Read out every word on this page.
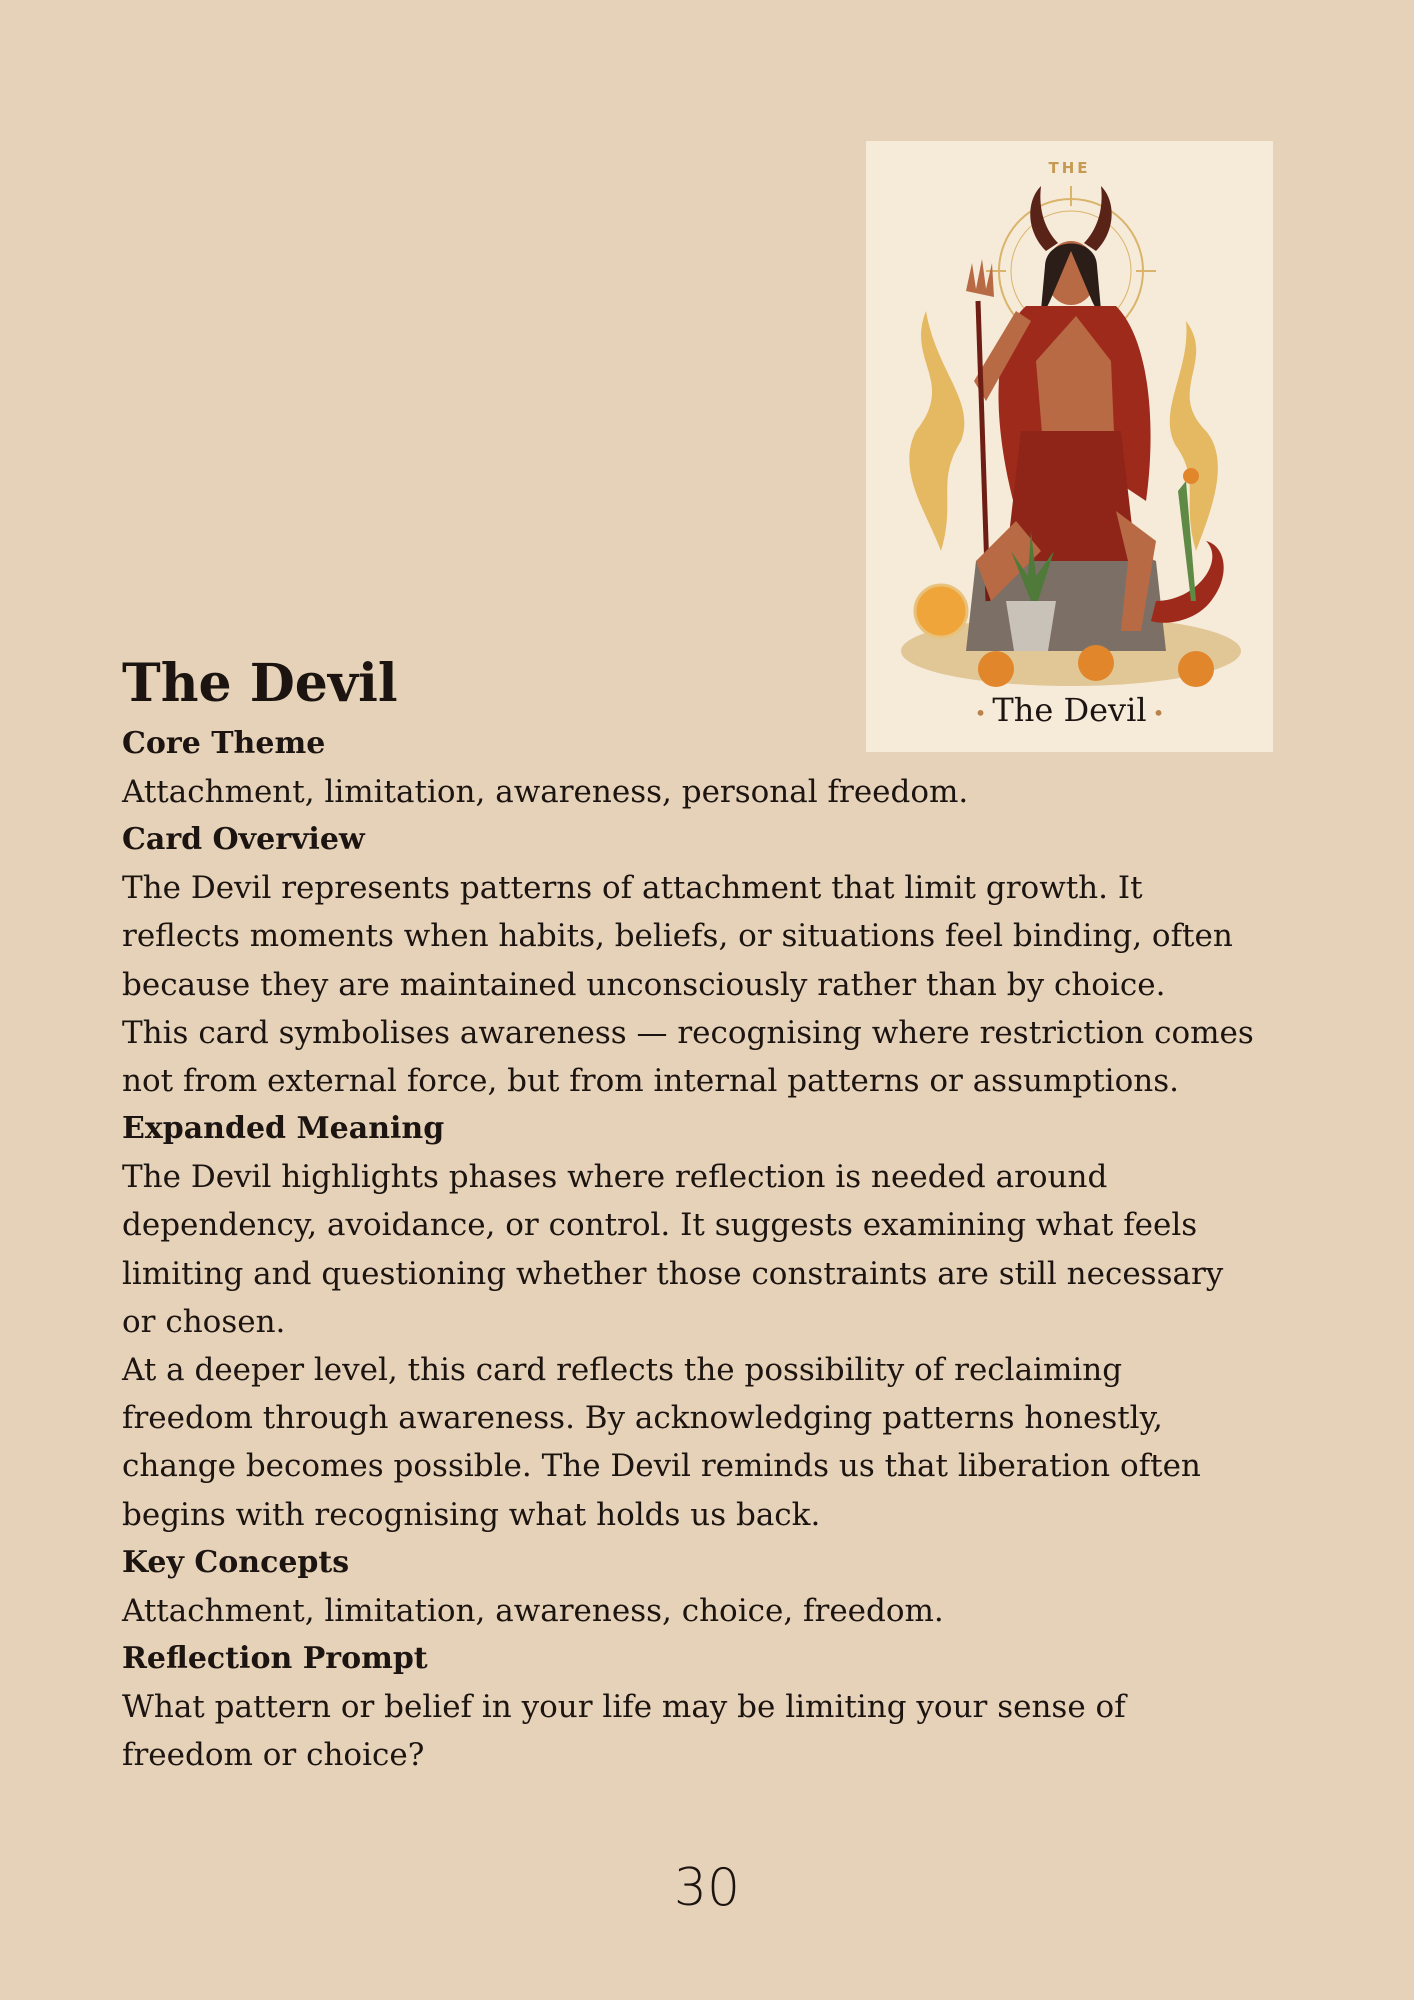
THE
• The Devil •
The Devil
Core Theme

Attachment, limitation, awareness, personal freedom.

Card Overview

The Devil represents patterns of attachment that limit growth. It reflects moments when habits, beliefs, or situations feel binding, often because they are maintained unconsciously rather than by choice.

This card symbolises awareness — recognising where restriction comes not from external force, but from internal patterns or assumptions.

Expanded Meaning

The Devil highlights phases where reflection is needed around dependency, avoidance, or control. It suggests examining what feels limiting and questioning whether those constraints are still necessary or chosen.

At a deeper level, this card reflects the possibility of reclaiming freedom through awareness. By acknowledging patterns honestly, change becomes possible. The Devil reminds us that liberation often begins with recognising what holds us back.

Key Concepts

Attachment, limitation, awareness, choice, freedom.

Reflection Prompt

What pattern or belief in your life may be limiting your sense of freedom or choice?

30
